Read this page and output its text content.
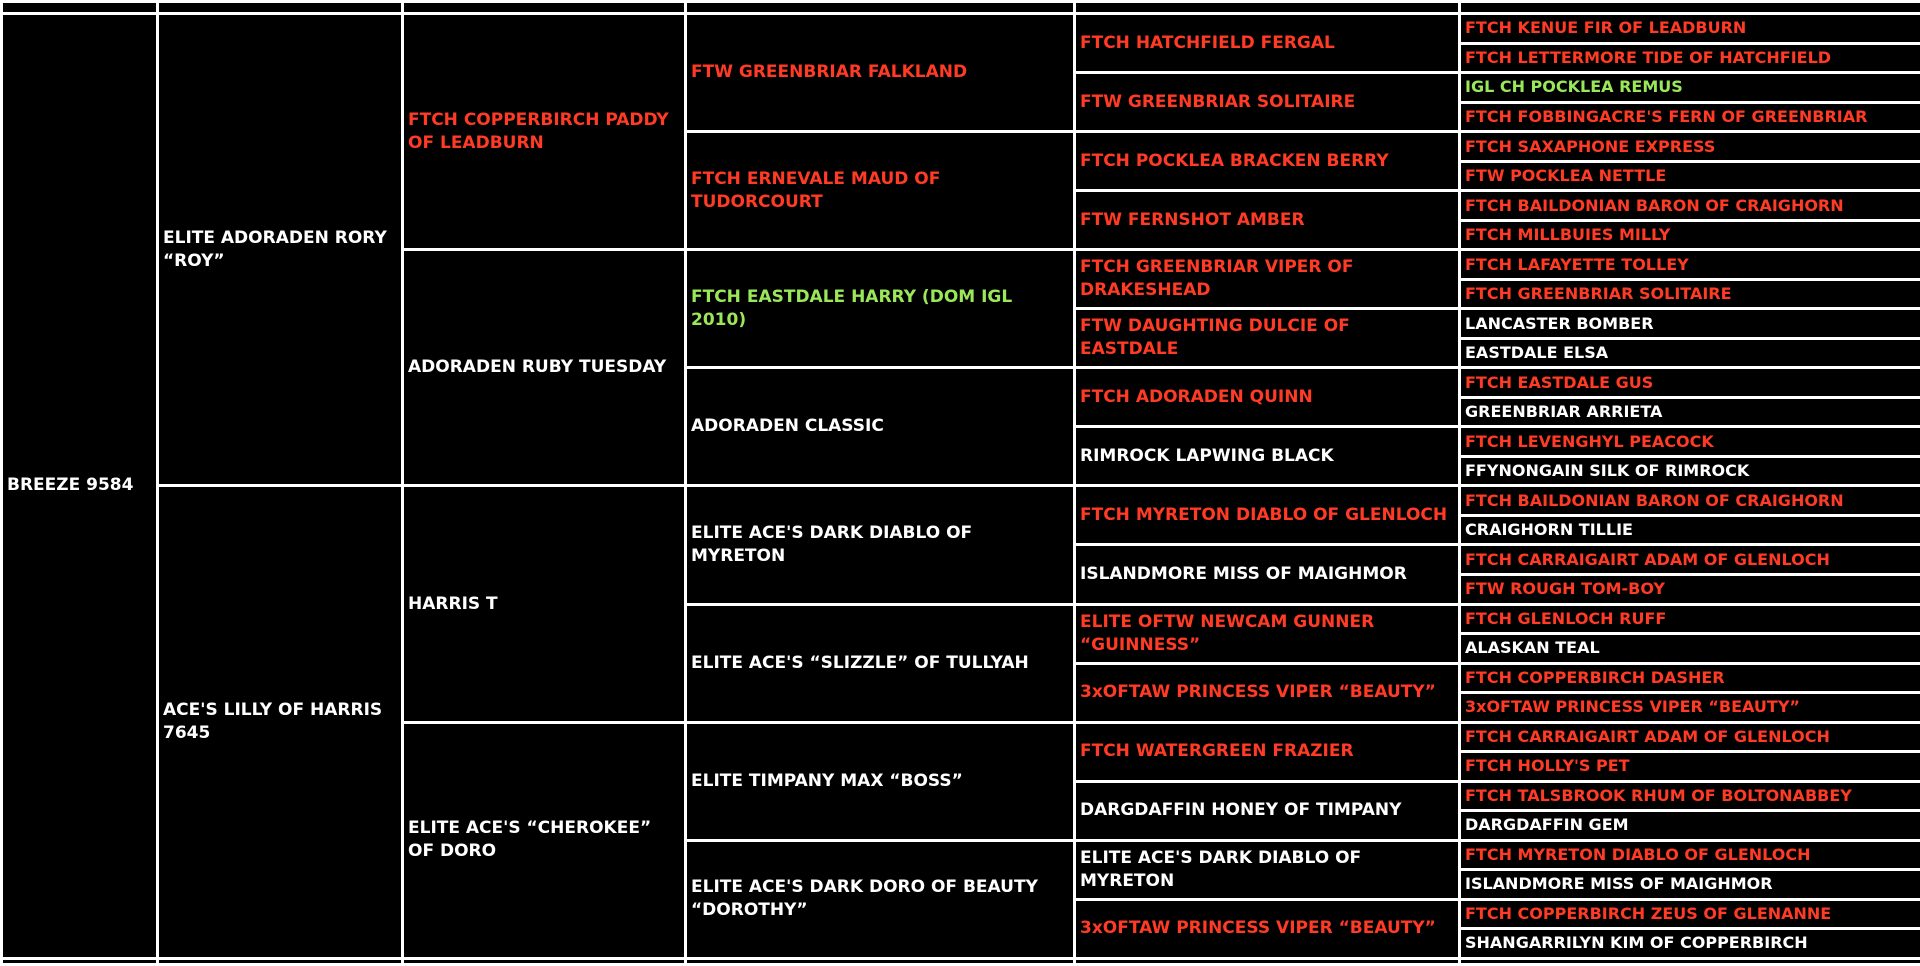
BREEZE 9584	ELITE ADORADEN RORY “ROY”	FTCH COPPERBIRCH PADDY OF LEADBURN	FTW GREENBRIAR FALKLAND	FTCH HATCHFIELD FERGAL	FTCH KENUE FIR OF LEADBURN
					FTCH LETTERMORE TIDE OF HATCHFIELD
				FTW GREENBRIAR SOLITAIRE	IGL CH POCKLEA REMUS
					FTCH FOBBINGACRE'S FERN OF GREENBRIAR
			FTCH ERNEVALE MAUD OF TUDORCOURT	FTCH POCKLEA BRACKEN BERRY	FTCH SAXAPHONE EXPRESS
					FTW POCKLEA NETTLE
				FTW FERNSHOT AMBER	FTCH BAILDONIAN BARON OF CRAIGHORN
					FTCH MILLBUIES MILLY
		ADORADEN RUBY TUESDAY	FTCH EASTDALE HARRY (DOM IGL 2010)	FTCH GREENBRIAR VIPER OF DRAKESHEAD	FTCH LAFAYETTE TOLLEY
					FTCH GREENBRIAR SOLITAIRE
				FTW DAUGHTING DULCIE OF EASTDALE	LANCASTER BOMBER
					EASTDALE ELSA
			ADORADEN CLASSIC	FTCH ADORADEN QUINN	FTCH EASTDALE GUS
					GREENBRIAR ARRIETA
				RIMROCK LAPWING BLACK	FTCH LEVENGHYL PEACOCK
					FFYNONGAIN SILK OF RIMROCK
	ACE'S LILLY OF HARRIS 7645	HARRIS T	ELITE ACE'S DARK DIABLO OF MYRETON	FTCH MYRETON DIABLO OF GLENLOCH	FTCH BAILDONIAN BARON OF CRAIGHORN
					CRAIGHORN TILLIE
				ISLANDMORE MISS OF MAIGHMOR	FTCH CARRAIGAIRT ADAM OF GLENLOCH
					FTW ROUGH TOM-BOY
			ELITE ACE'S “SLIZZLE” OF TULLYAH	ELITE OFTW NEWCAM GUNNER “GUINNESS”	FTCH GLENLOCH RUFF
					ALASKAN TEAL
				3xOFTAW PRINCESS VIPER “BEAUTY”	FTCH COPPERBIRCH DASHER
					3xOFTAW PRINCESS VIPER “BEAUTY”
		ELITE ACE'S “CHEROKEE” OF DORO	ELITE TIMPANY MAX “BOSS”	FTCH WATERGREEN FRAZIER	FTCH CARRAIGAIRT ADAM OF GLENLOCH
					FTCH HOLLY'S PET
				DARGDAFFIN HONEY OF TIMPANY	FTCH TALSBROOK RHUM OF BOLTONABBEY
					DARGDAFFIN GEM
			ELITE ACE'S DARK DORO OF BEAUTY “DOROTHY”	ELITE ACE'S DARK DIABLO OF MYRETON	FTCH MYRETON DIABLO OF GLENLOCH
					ISLANDMORE MISS OF MAIGHMOR
				3xOFTAW PRINCESS VIPER “BEAUTY”	FTCH COPPERBIRCH ZEUS OF GLENANNE
					SHANGARRILYN KIM OF COPPERBIRCH
